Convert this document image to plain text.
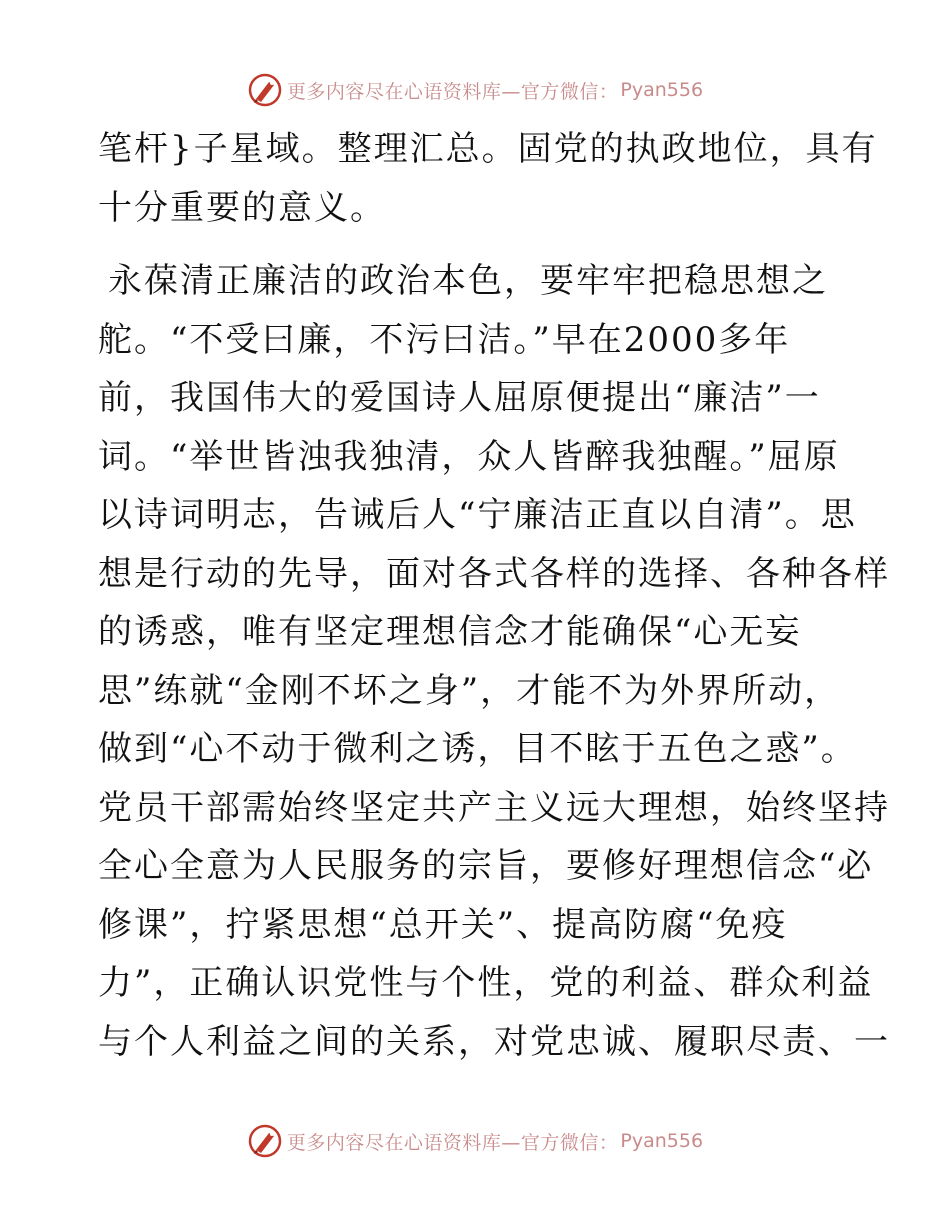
更多内容尽在心语资料库—官方微信： Pyan556

笔杆}子星域。整理汇总。固党的执政地位，具有
十分重要的意义。

永葆清正廉洁的政治本色，要牢牢把稳思想之
舵。“不受曰廉，不污曰洁。”早在2000多年
前，我国伟大的爱国诗人屈原便提出“廉洁”一
词。“举世皆浊我独清，众人皆醉我独醒。”屈原
以诗词明志，告诫后人“宁廉洁正直以自清”。思
想是行动的先导，面对各式各样的选择、各种各样
的诱惑，唯有坚定理想信念才能确保“心无妄
思”练就“金刚不坏之身”，才能不为外界所动，
做到“心不动于微利之诱，目不眩于五色之惑”。
党员干部需始终坚定共产主义远大理想，始终坚持
全心全意为人民服务的宗旨，要修好理想信念“必
修课”，拧紧思想“总开关”、提高防腐“免疫
力”，正确认识党性与个性，党的利益、群众利益
与个人利益之间的关系，对党忠诚、履职尽责、一

更多内容尽在心语资料库—官方微信： Pyan556
